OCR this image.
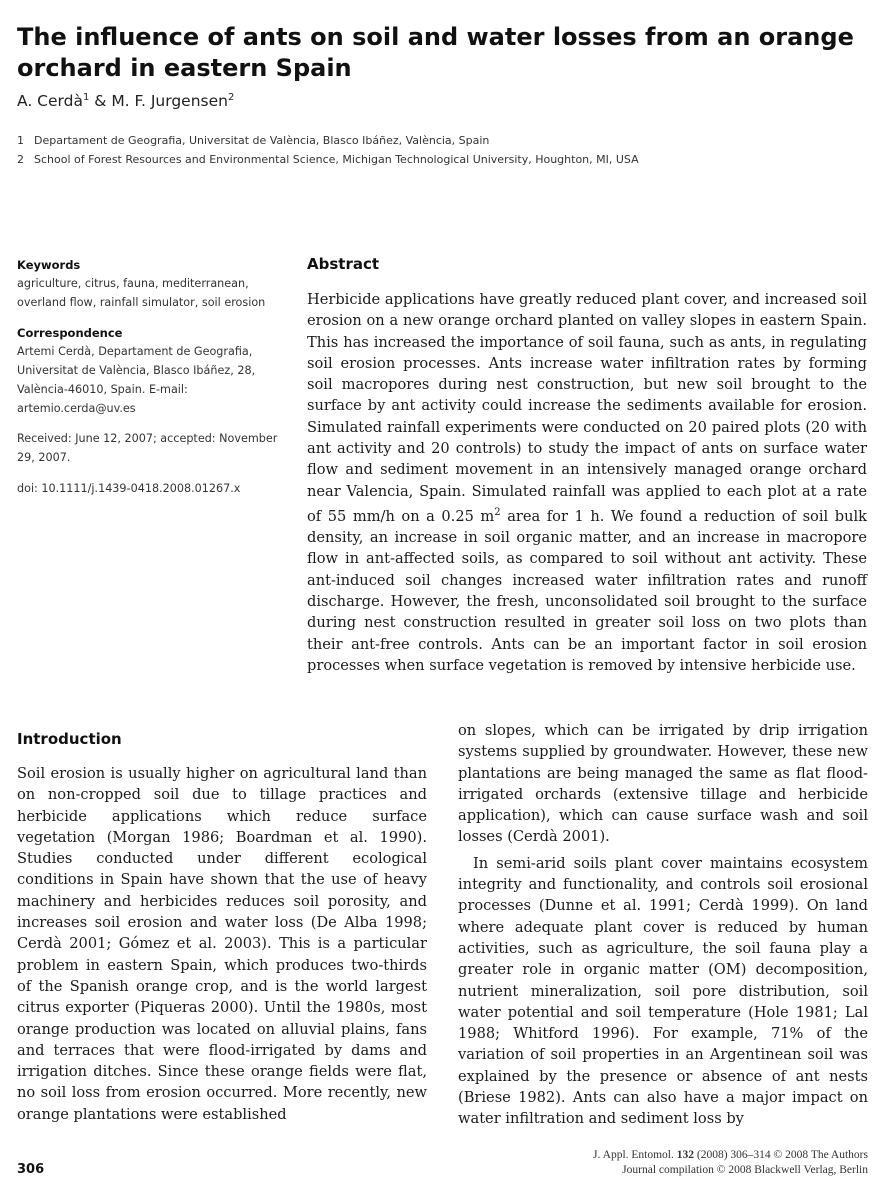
The influence of ants on soil and water losses from an orange orchard in eastern Spain
A. Cerdà$^1$ & M. F. Jurgensen$^2$
1 Departament de Geografia, Universitat de València, Blasco Ibáñez, València, Spain
2 School of Forest Resources and Environmental Science, Michigan Technological University, Houghton, MI, USA
Keywords
agriculture, citrus, fauna, mediterranean, overland flow, rainfall simulator, soil erosion
Correspondence
Artemi Cerdà, Departament de Geografia, Universitat de València, Blasco Ibáñez, 28, València-46010, Spain. E-mail: artemio.cerda@uv.es
Received: June 12, 2007; accepted: November 29, 2007.
doi: 10.1111/j.1439-0418.2008.01267.x
Abstract

Herbicide applications have greatly reduced plant cover, and increased soil erosion on a new orange orchard planted on valley slopes in eastern Spain. This has increased the importance of soil fauna, such as ants, in regulating soil erosion processes. Ants increase water infiltration rates by forming soil macropores during nest construction, but new soil brought to the surface by ant activity could increase the sediments available for erosion. Simulated rainfall experiments were conducted on 20 paired plots (20 with ant activity and 20 controls) to study the impact of ants on surface water flow and sediment movement in an intensively managed orange orchard near Valencia, Spain. Simulated rainfall was applied to each plot at a rate of 55 mm/h on a 0.25 $m^2$ area for 1 h. We found a reduction of soil bulk density, an increase in soil organic matter, and an increase in macropore flow in ant-affected soils, as compared to soil without ant activity. These ant-induced soil changes increased water infiltration rates and runoff discharge. However, the fresh, unconsolidated soil brought to the surface during nest construction resulted in greater soil loss on two plots than their ant-free controls. Ants can be an important factor in soil erosion processes when surface vegetation is removed by intensive herbicide use.

Introduction

Soil erosion is usually higher on agricultural land than on non-cropped soil due to tillage practices and herbicide applications which reduce surface vegetation (Morgan 1986; Boardman et al. 1990). Studies conducted under different ecological conditions in Spain have shown that the use of heavy machinery and herbicides reduces soil porosity, and increases soil erosion and water loss (De Alba 1998; Cerdà 2001; Gómez et al. 2003). This is a particular problem in eastern Spain, which produces two-thirds of the Spanish orange crop, and is the world largest citrus exporter (Piqueras 2000). Until the 1980s, most orange production was located on alluvial plains, fans and terraces that were flood-irrigated by dams and irrigation ditches. Since these orange fields were flat, no soil loss from erosion occurred. More recently, new orange plantations were established

on slopes, which can be irrigated by drip irrigation systems supplied by groundwater. However, these new plantations are being managed the same as flat flood-irrigated orchards (extensive tillage and herbicide application), which can cause surface wash and soil losses (Cerdà 2001).

In semi-arid soils plant cover maintains ecosystem integrity and functionality, and controls soil erosional processes (Dunne et al. 1991; Cerdà 1999). On land where adequate plant cover is reduced by human activities, such as agriculture, the soil fauna play a greater role in organic matter (OM) decomposition, nutrient mineralization, soil pore distribution, soil water potential and soil temperature (Hole 1981; Lal 1988; Whitford 1996). For example, 71% of the variation of soil properties in an Argentinean soil was explained by the presence or absence of ant nests (Briese 1982). Ants can also have a major impact on water infiltration and sediment loss by

306
J. Appl. Entomol. 132 (2008) 306–314 © 2008 The Authors
Journal compilation © 2008 Blackwell Verlag, Berlin
